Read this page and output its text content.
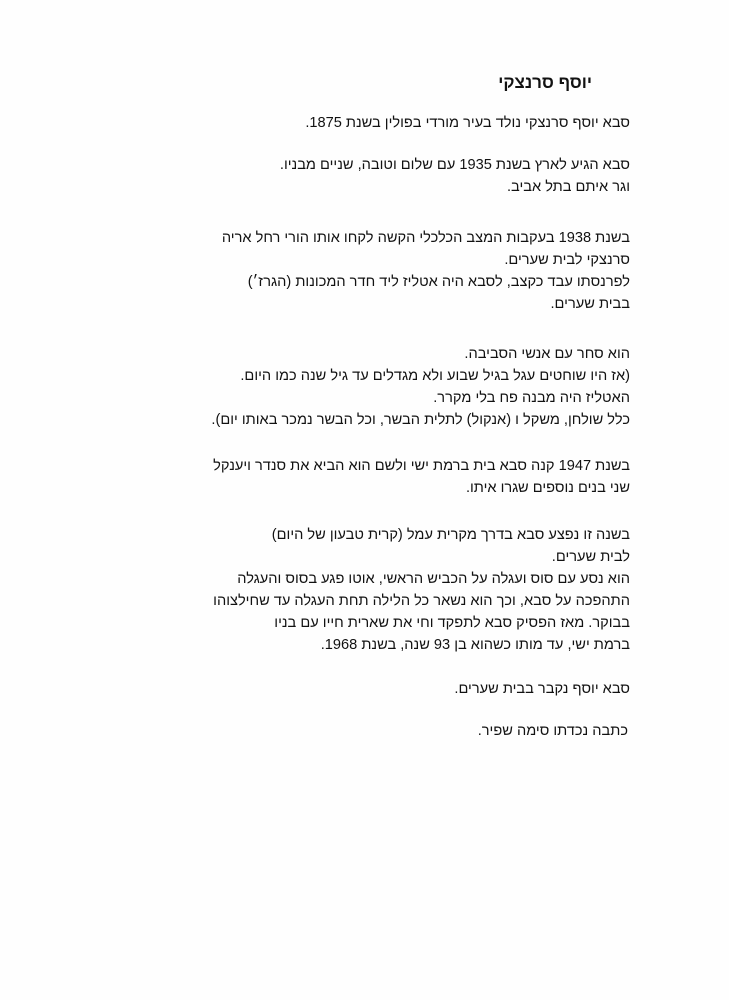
יוסף סרנצקי
סבא יוסף סרנצקי נולד בעיר מורדי בפולין בשנת 1875.
סבא הגיע לארץ בשנת 1935 עם שלום וטובה, שניים מבניו.
וגר איתם בתל אביב.
בשנת 1938 בעקבות המצב הכלכלי הקשה לקחו אותו הורי רחל אריה
סרנצקי לבית שערים.
לפרנסתו עבד כקצב, לסבא היה אטליז ליד חדר המכונות (הגרז׳)
בבית שערים.
הוא סחר עם אנשי הסביבה.
(אז היו שוחטים עגל בגיל שבוע ולא מגדלים עד גיל שנה כמו היום.
האטליז היה מבנה פח בלי מקרר.
כלל שולחן, משקל ו (אנקול) לתלית הבשר, וכל הבשר נמכר באותו יום).
בשנת 1947 קנה סבא בית ברמת ישי ולשם הוא הביא את סנדר ויענקל
שני בנים נוספים שגרו איתו.
בשנה זו נפצע סבא בדרך מקרית עמל (קרית טבעון של היום)
לבית שערים.
הוא נסע עם סוס ועגלה על הכביש הראשי, אוטו פגע בסוס והעגלה
התהפכה על סבא, וכך הוא נשאר כל הלילה תחת העגלה עד שחילצוהו
בבוקר. מאז הפסיק סבא לתפקד וחי את שארית חייו עם בניו
ברמת ישי, עד מותו כשהוא בן 93 שנה, בשנת 1968.
סבא יוסף נקבר בבית שערים.
כתבה נכדתו סימה שפיר.
